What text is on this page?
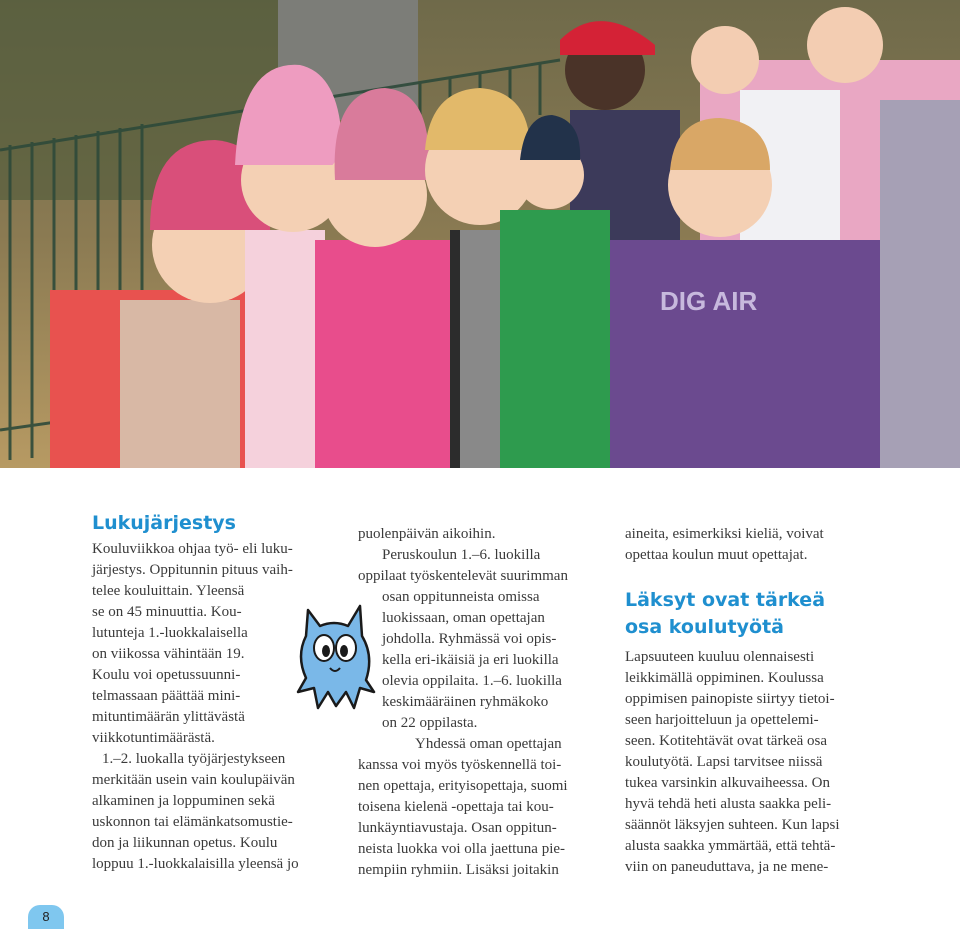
DIG AIR
Lukujärjestys
Kouluviikkoa ohjaa työ- eli luku-
järjestys. Oppitunnin pituus vaih-
telee kouluittain. Yleensä
se on 45 minuuttia. Kou-
lutunteja 1.-luokkalaisella
on viikossa vähintään 19.
Koulu voi opetussuunni-
telmassaan päättää mini-
mituntimäärän ylittävästä
viikkotuntimäärästä.
1.–2. luokalla työjärjestykseen
merkitään usein vain koulupäivän
alkaminen ja loppuminen sekä
uskonnon tai elämänkatsomustie-
don ja liikunnan opetus. Koulu
loppuu 1.-luokkalaisilla yleensä jo
puolenpäivän aikoihin.
Peruskoulun 1.–6. luokilla
oppilaat työskentelevät suurimman
osan oppitunneista omissa
luokissaan, oman opettajan
johdolla. Ryhmässä voi opis-
kella eri-ikäisiä ja eri luokilla
olevia oppilaita. 1.–6. luokilla
keskimääräinen ryhmäkoko
on 22 oppilasta.
Yhdessä oman opettajan
kanssa voi myös työskennellä toi-
nen opettaja, erityisopettaja, suomi
toisena kielenä -opettaja tai kou-
lunkäyntiavustaja. Osan oppitun-
neista luokka voi olla jaettuna pie-
nempiin ryhmiin. Lisäksi joitakin
aineita, esimerkiksi kieliä, voivat
opettaa koulun muut opettajat.
Läksyt ovat tärkeä
osa koulutyötä
Lapsuuteen kuuluu olennaisesti
leikkimällä oppiminen. Koulussa
oppimisen painopiste siirtyy tietoi-
seen harjoitteluun ja opettelemi-
seen. Kotitehtävät ovat tärkeä osa
koulutyötä. Lapsi tarvitsee niissä
tukea varsinkin alkuvaiheessa. On
hyvä tehdä heti alusta saakka peli-
säännöt läksyjen suhteen. Kun lapsi
alusta saakka ymmärtää, että tehtä-
viin on paneuduttava, ja ne mene-
8
